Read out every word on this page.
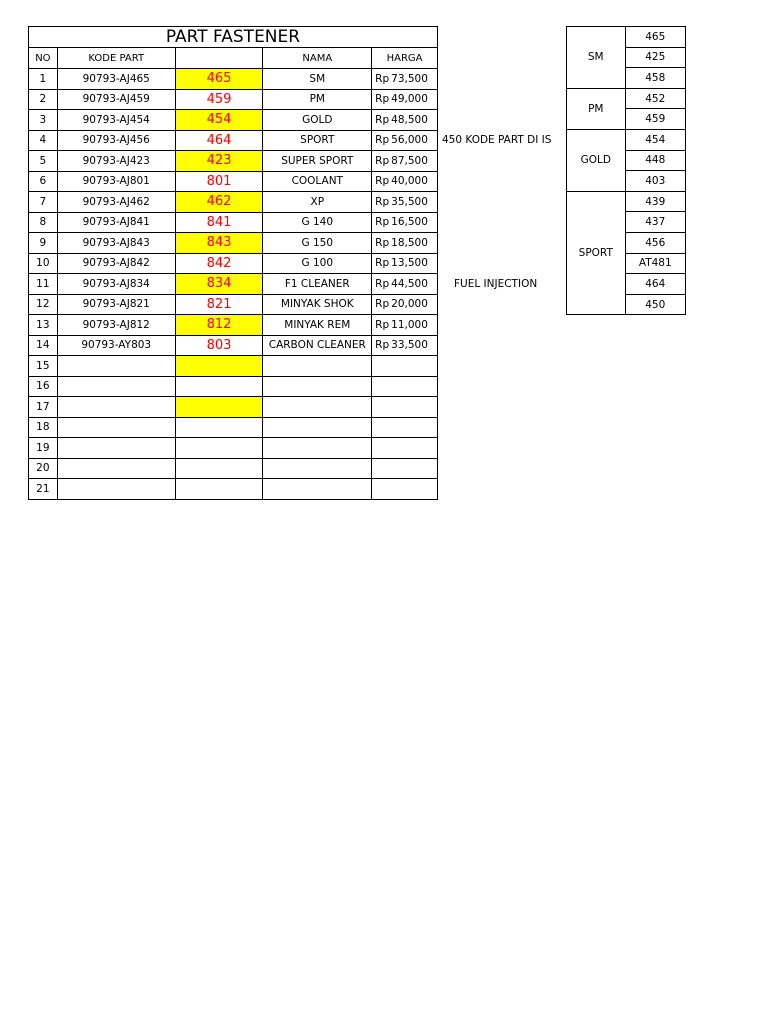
PART FASTENER				
NO	KODE PART		NAMA	HARGA
1	90793-AJ465	465	SM	Rp 73,500
2	90793-AJ459	459	PM	Rp 49,000
3	90793-AJ454	454	GOLD	Rp 48,500
4	90793-AJ456	464	SPORT	Rp 56,000
5	90793-AJ423	423	SUPER SPORT	Rp 87,500
6	90793-AJ801	801	COOLANT	Rp 40,000
7	90793-AJ462	462	XP	Rp 35,500
8	90793-AJ841	841	G 140	Rp 16,500
9	90793-AJ843	843	G 150	Rp 18,500
10	90793-AJ842	842	G 100	Rp 13,500
11	90793-AJ834	834	F1 CLEANER	Rp 44,500
12	90793-AJ821	821	MINYAK SHOK	Rp 20,000
13	90793-AJ812	812	MINYAK REM	Rp 11,000
14	90793-AY803	803	CARBON CLEANER	Rp 33,500
15				
16				
17				
18				
19				
20				
21				
450 KODE PART DI IS
FUEL INJECTION
SM	465
	425
	458
PM	452
	459
GOLD	454
	448
	403
SPORT	439
	437
	456
	AT481
	464
	450
